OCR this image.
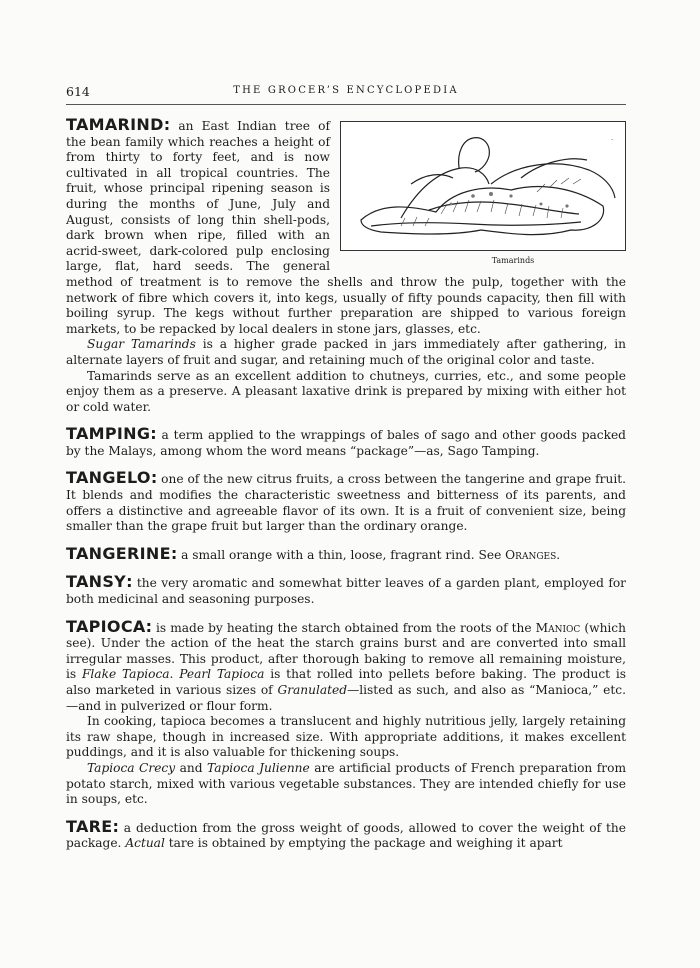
614	THE GROCER’S ENCYCLOPEDIA
·
Tamarinds

TAMARIND: an East Indian tree of the bean family which reaches a height of from thirty to forty feet, and is now cultivated in all tropical countries. The fruit, whose principal ripening season is during the months of June, July and August, consists of long thin shell-pods, dark brown when ripe, filled with an acrid-sweet, dark-colored pulp enclosing large, flat, hard seeds. The general method of treatment is to remove the shells and throw the pulp, together with the network of fibre which covers it, into kegs, usually of fifty pounds capacity, then fill with boiling syrup. The kegs without further preparation are shipped to various foreign markets, to be repacked by local dealers in stone jars, glasses, etc.

Sugar Tamarinds is a higher grade packed in jars immediately after gathering, in alternate layers of fruit and sugar, and retaining much of the original color and taste.

Tamarinds serve as an excellent addition to chutneys, curries, etc., and some people enjoy them as a preserve. A pleasant laxative drink is prepared by mixing with either hot or cold water.

TAMPING: a term applied to the wrappings of bales of sago and other goods packed by the Malays, among whom the word means “package”—as, Sago Tamping.

TANGELO: one of the new citrus fruits, a cross between the tangerine and grape fruit. It blends and modifies the characteristic sweetness and bitterness of its parents, and offers a distinctive and agreeable flavor of its own. It is a fruit of convenient size, being smaller than the grape fruit but larger than the ordinary orange.

TANGERINE: a small orange with a thin, loose, fragrant rind. See Oranges.

TANSY: the very aromatic and somewhat bitter leaves of a garden plant, employed for both medicinal and seasoning purposes.

TAPIOCA: is made by heating the starch obtained from the roots of the Manioc (which see). Under the action of the heat the starch grains burst and are converted into small irregular masses. This product, after thorough baking to remove all remaining moisture, is Flake Tapioca. Pearl Tapioca is that rolled into pellets before baking. The product is also marketed in various sizes of Granulated—listed as such, and also as “Manioca,” etc.—and in pulverized or flour form.

In cooking, tapioca becomes a translucent and highly nutritious jelly, largely retaining its raw shape, though in increased size. With appropriate additions, it makes excellent puddings, and it is also valuable for thickening soups.

Tapioca Crecy and Tapioca Julienne are artificial products of French preparation from potato starch, mixed with various vegetable substances. They are intended chiefly for use in soups, etc.

TARE: a deduction from the gross weight of goods, allowed to cover the weight of the package. Actual tare is obtained by emptying the package and weighing it apart
